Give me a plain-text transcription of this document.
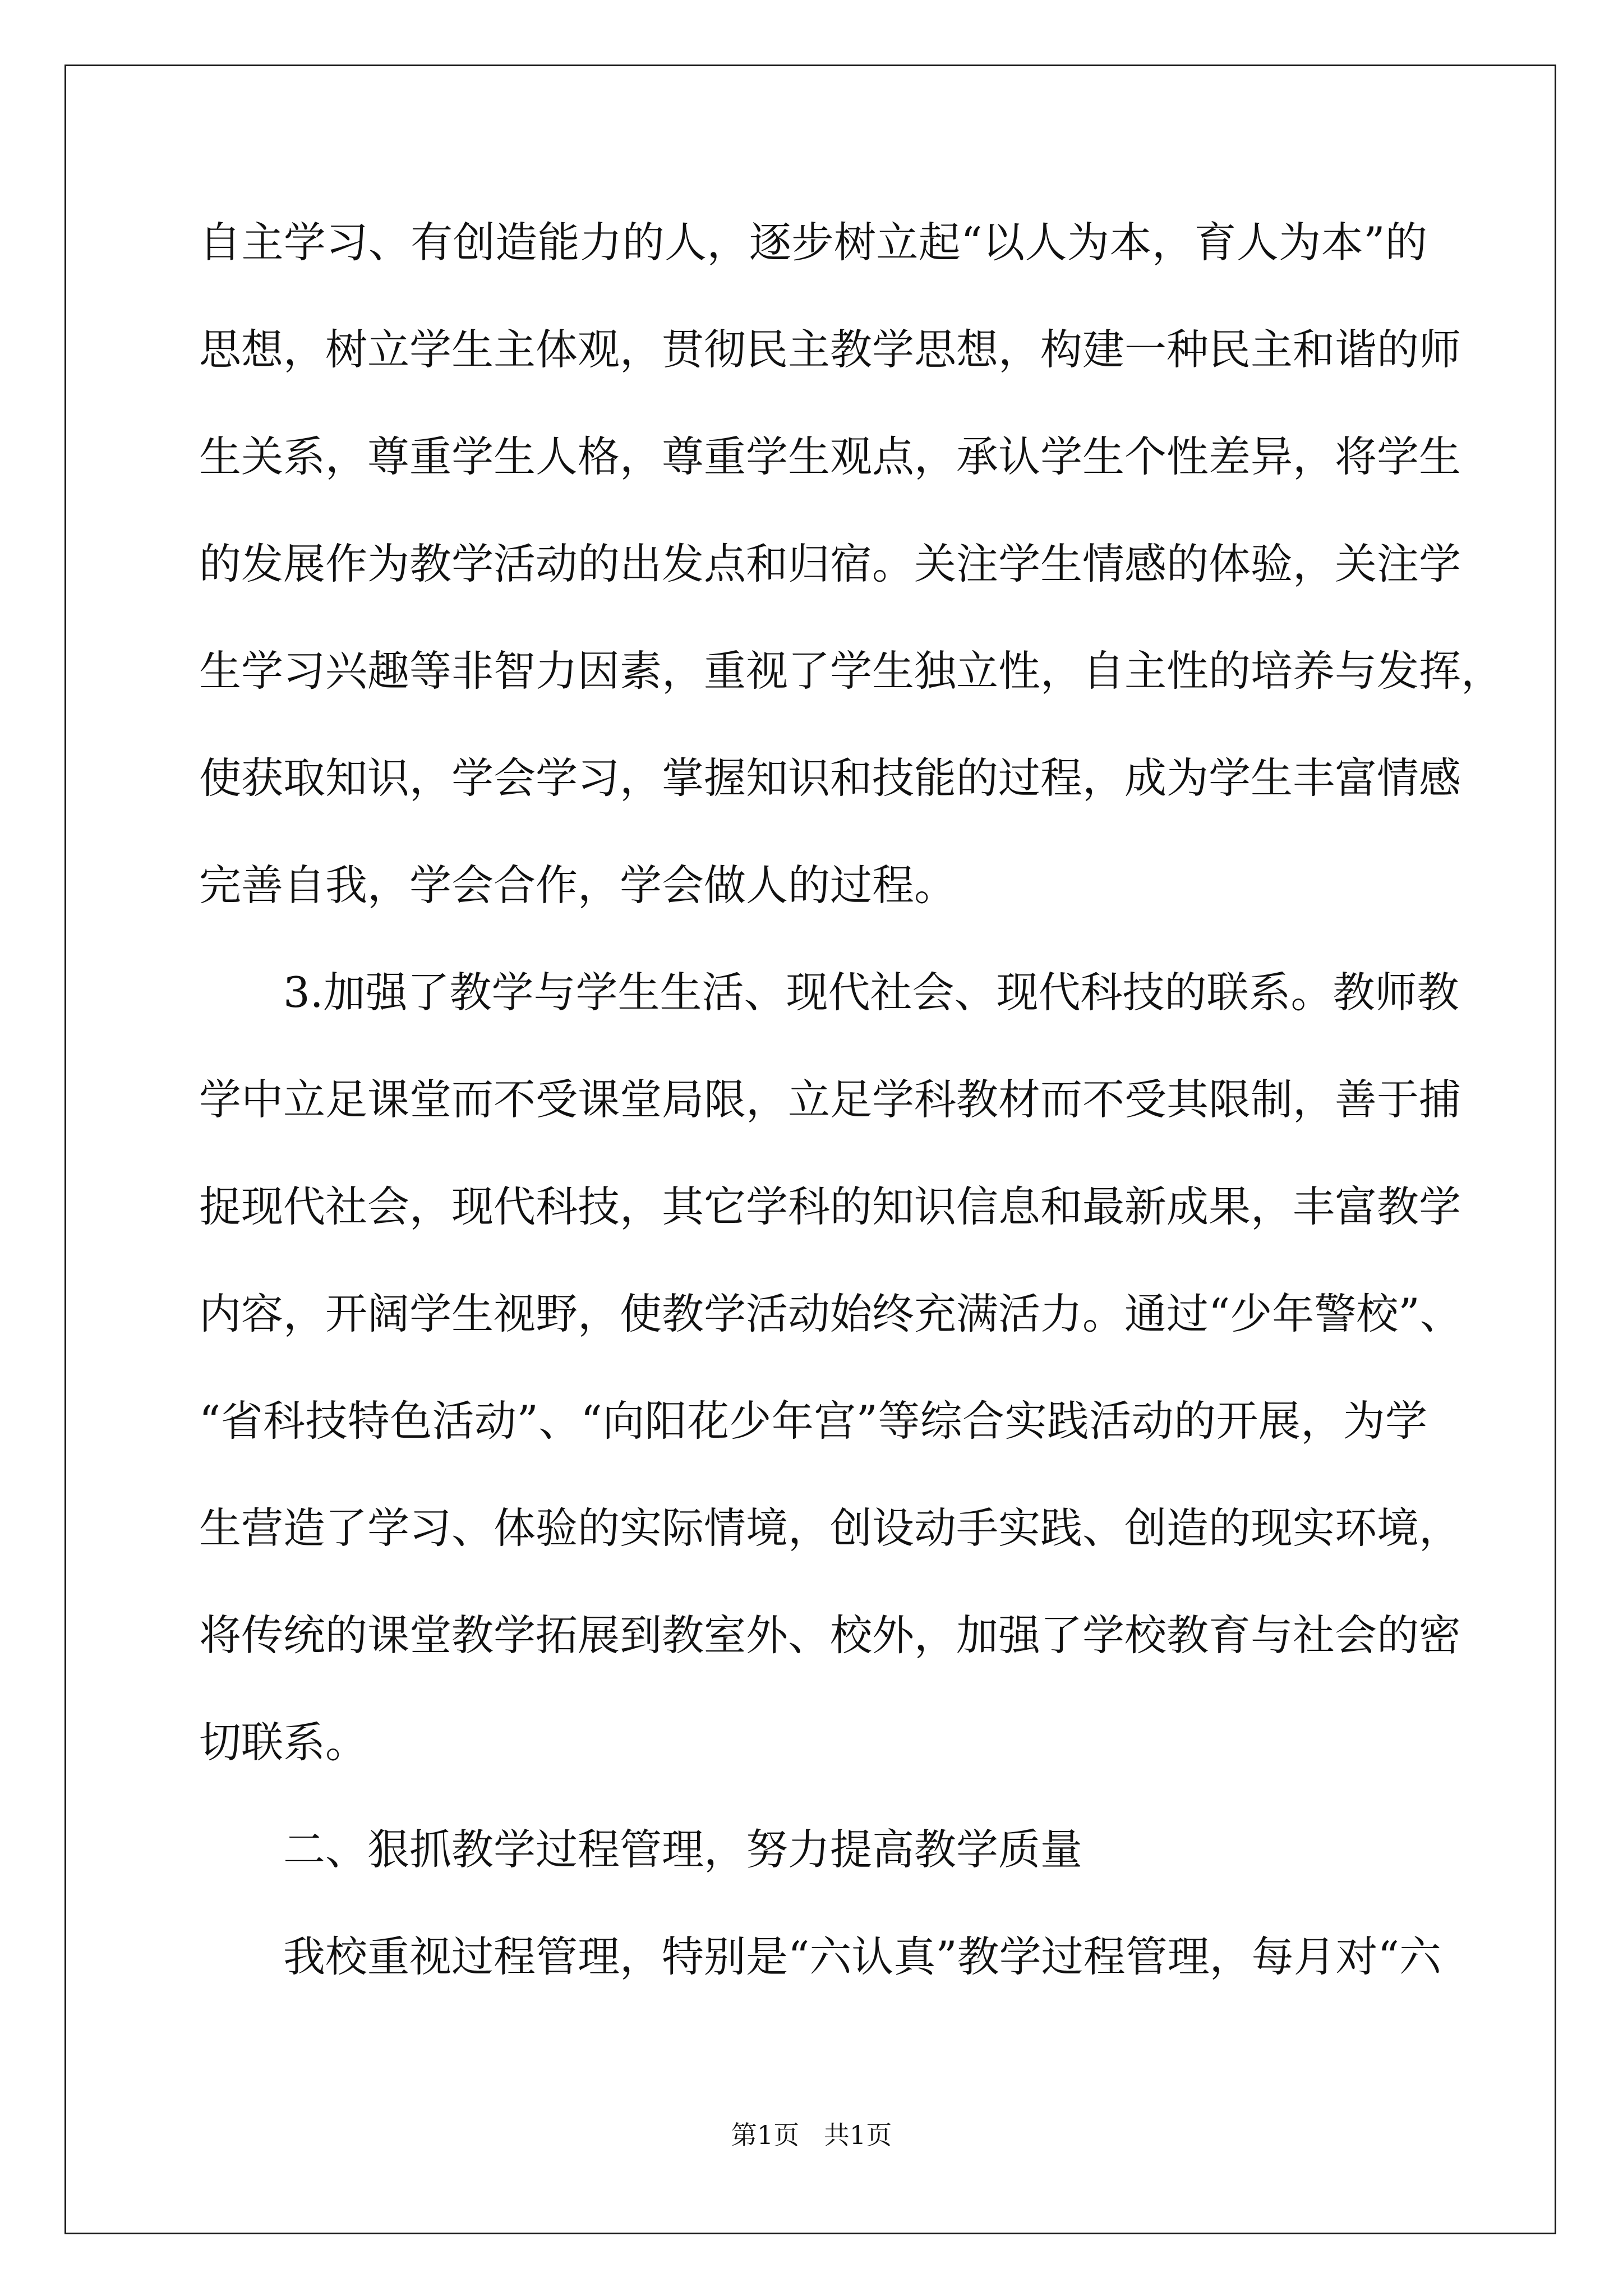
自主学习、有创造能力的人，逐步树立起“以人为本，育人为本”的

思想，树立学生主体观，贯彻民主教学思想，构建一种民主和谐的师

生关系，尊重学生人格，尊重学生观点，承认学生个性差异，将学生

的发展作为教学活动的出发点和归宿。关注学生情感的体验，关注学

生学习兴趣等非智力因素，重视了学生独立性，自主性的培养与发挥，

使获取知识，学会学习，掌握知识和技能的过程，成为学生丰富情感

完善自我，学会合作，学会做人的过程。

3.加强了教学与学生生活、现代社会、现代科技的联系。教师教

学中立足课堂而不受课堂局限，立足学科教材而不受其限制，善于捕

捉现代社会，现代科技，其它学科的知识信息和最新成果，丰富教学

内容，开阔学生视野，使教学活动始终充满活力。通过“少年警校”、

“省科技特色活动”、“向阳花少年宫”等综合实践活动的开展，为学

生营造了学习、体验的实际情境，创设动手实践、创造的现实环境，

将传统的课堂教学拓展到教室外、校外，加强了学校教育与社会的密

切联系。

二、狠抓教学过程管理，努力提高教学质量

我校重视过程管理，特别是“六认真”教学过程管理，每月对“六

第1页   共1页
